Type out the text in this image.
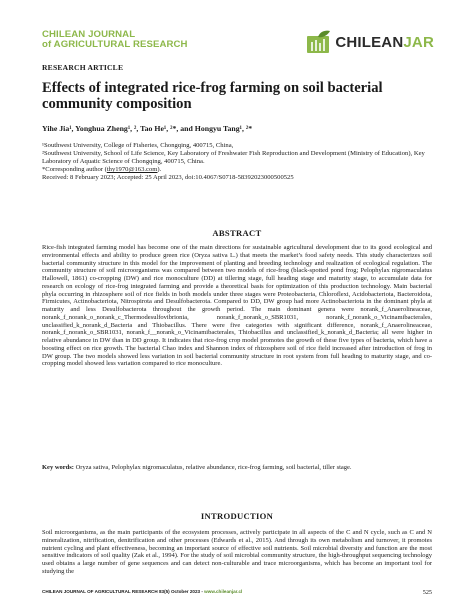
CHILEAN JOURNAL
of AGRICULTURAL RESEARCH	CHILEANJAR
RESEARCH ARTICLE
Effects of integrated rice-frog farming on soil bacterial community composition
Yihe Jia¹, Yonghua Zheng¹, ², Tao He¹, ²*, and Hongyu Tang¹, ²*
¹Southwest University, College of Fisheries, Chongqing, 400715, China,
²Southwest University, School of Life Science, Key Laboratory of Freshwater Fish Reproduction and Development (Ministry of Education), Key Laboratory of Aquatic Science of Chongqing, 400715, China.
*Corresponding author (thy1970@163.com).
Received: 8 February 2023; Accepted: 25 April 2023, doi:10.4067/S0718-58392023000500525
ABSTRACT
Rice-fish integrated farming model has become one of the main directions for sustainable agricultural development due to its good ecological and environmental effects and ability to produce green rice (Oryza sativa L.) that meets the market’s food safety needs. This study characterizes soil bacterial community structure in this model for the improvement of planting and breeding technology and realization of ecological regulation. The community structure of soil microorganisms was compared between two models of rice-frog (black-spotted pond frog; Pelophylax nigromaculatus Hallowell, 1861) co-cropping (DW) and rice monoculture (DD) at tillering stage, full heading stage and maturity stage, to accumulate data for research on ecology of rice-frog integrated farming and provide a theoretical basis for optimization of this production technology. Main bacterial phyla occurring in rhizosphere soil of rice fields in both models under three stages were Proteobacteria, Chloroflexi, Acidobacteriota, Bacteroidota, Firmicutes, Actinobacteriota, Nitrospirota and Desulfobacterota. Compared to DD, DW group had more Actinobacteriota in the dominant phyla at maturity and less Desulfobacterota throughout the growth period. The main dominant genera were norank_f_Anaerolineaceae, norank_f_norank_o_norank_c_Thermodesulfovibrionia, norank_f_norank_o_SBR1031, norank_f_norank_o_Vicinamibacterales, unclassified_k_norank_d_Bacteria and Thiobacillus. There were five categories with significant difference, norank_f_Anaerolineaceae, norank_f_norank_o_SBR1031, norank_f__norank_o_Vicinamibacterales, Thiobacillus and unclassified_k_norank_d_Bacteria; all were higher in relative abundance in DW than in DD group. It indicates that rice-frog crop model promotes the growth of these five types of bacteria, which have a boosting effect on rice growth. The bacterial Chao index and Shannon index of rhizosphere soil of rice field increased after introduction of frog in DW group. The two models showed less variation in soil bacterial community structure in root system from full heading to maturity stage, and co-cropping model showed less variation compared to rice monoculture.
Key words: Oryza sativa, Pelophylax nigromaculatus, relative abundance, rice-frog farming, soil bacterial, tiller stage.
INTRODUCTION
Soil microorganisms, as the main participants of the ecosystem processes, actively participate in all aspects of the C and N cycle, such as C and N mineralization, nitrification, denitrification and other processes (Edwards et al., 2015). And through its own metabolism and turnover, it promotes nutrient cycling and plant effectiveness, becoming an important source of effective soil nutrients. Soil microbial diversity and function are the most sensitive indicators of soil quality (Zak et al., 1994). For the study of soil microbial community structure, the high-throughput sequencing technology used obtains a large number of gene sequences and can detect non-culturable and trace microorganisms, which has become an important tool for studying the
CHILEAN JOURNAL OF AGRICULTURAL RESEARCH 83(5) October 2023 - www.chileanjar.cl	525
